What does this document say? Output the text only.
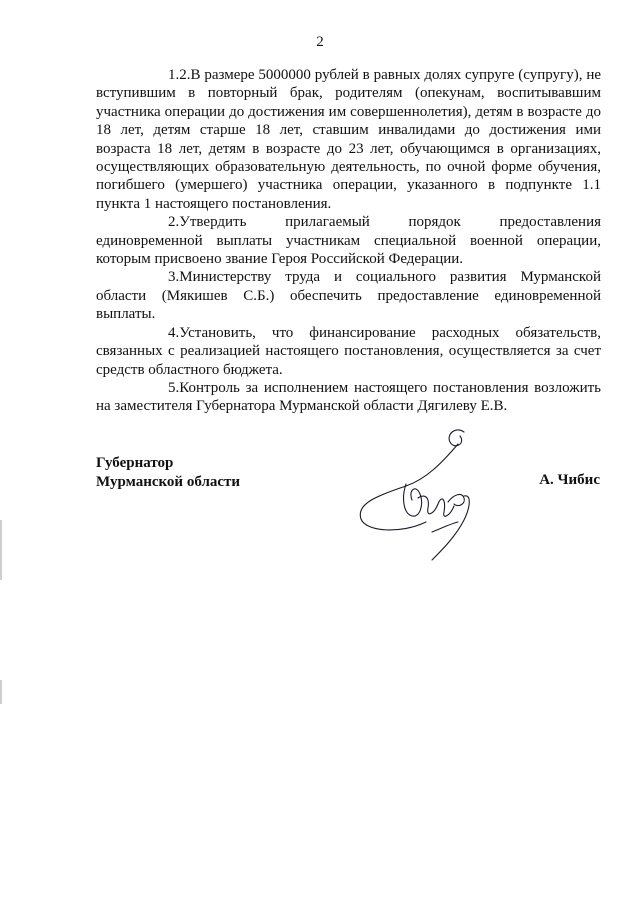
2

1.2.В размере 5000000 рублей в равных долях супруге (супругу), не вступившим в повторный брак, родителям (опекунам, воспитывавшим участника операции до достижения им совершеннолетия), детям в возрасте до 18 лет, детям старше 18 лет, ставшим инвалидами до достижения ими возраста 18 лет, детям в возрасте до 23 лет, обучающимся в организациях, осуществляющих образовательную деятельность, по очной форме обучения, погибшего (умершего) участника операции, указанного в подпункте 1.1 пункта 1 настоящего постановления.

2.Утвердить прилагаемый порядок предоставления единовременной выплаты участникам специальной военной операции, которым присвоено звание Героя Российской Федерации.

3.Министерству труда и социального развития Мурманской области (Мякишев С.Б.) обеспечить предоставление единовременной выплаты.

4.Установить, что финансирование расходных обязательств, связанных с реализацией настоящего постановления, осуществляется за счет средств областного бюджета.

5.Контроль за исполнением настоящего постановления возложить на заместителя Губернатора Мурманской области Дягилеву Е.В.

Губернатор
Мурманской области	А. Чибис
